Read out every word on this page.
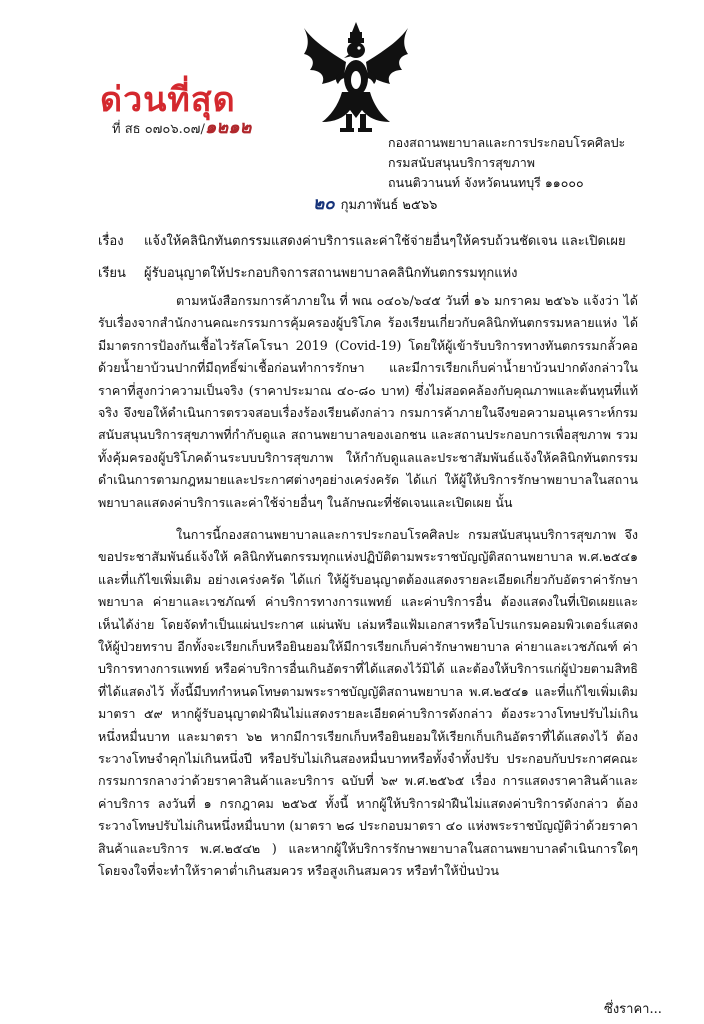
ด่วนที่สุด
ที่ สธ ๐๗๐๖.๐๗/๑๒๑๒
กองสถานพยาบาลและการประกอบโรคศิลปะ
กรมสนับสนุนบริการสุขภาพ
ถนนติวานนท์ จังหวัดนนทบุรี ๑๑๐๐๐
๒๐ กุมภาพันธ์ ๒๕๖๖
เรื่อง แจ้งให้คลินิกทันตกรรมแสดงค่าบริการและค่าใช้จ่ายอื่นๆให้ครบถ้วนชัดเจน และเปิดเผย
เรียน ผู้รับอนุญาตให้ประกอบกิจการสถานพยาบาลคลินิกทันตกรรมทุกแห่ง
ตามหนังสือกรมการค้าภายใน ที่ พณ ๐๔๐๖/๖๔๕ วันที่ ๑๖ มกราคม ๒๕๖๖ แจ้งว่า ได้รับเรื่องจากสำนักงานคณะกรรมการคุ้มครองผู้บริโภค ร้องเรียนเกี่ยวกับคลินิกทันตกรรมหลายแห่ง ได้มีมาตรการป้องกันเชื้อไวรัสโคโรนา 2019 (Covid-19) โดยให้ผู้เข้ารับบริการทางทันตกรรมกลั้วคอด้วยน้ำยาบ้วนปากที่มีฤทธิ์ฆ่าเชื้อก่อนทำการรักษา และมีการเรียกเก็บค่าน้ำยาบ้วนปากดังกล่าวในราคาที่สูงกว่าความเป็นจริง (ราคาประมาณ ๔๐-๘๐ บาท) ซึ่งไม่สอดคล้องกับคุณภาพและต้นทุนที่แท้จริง จึงขอให้ดำเนินการตรวจสอบเรื่องร้องเรียนดังกล่าว กรมการค้าภายในจึงขอความอนุเคราะห์กรมสนับสนุนบริการสุขภาพที่กำกับดูแล สถานพยาบาลของเอกชน และสถานประกอบการเพื่อสุขภาพ รวมทั้งคุ้มครองผู้บริโภคด้านระบบบริการสุขภาพ ให้กำกับดูแลและประชาสัมพันธ์แจ้งให้คลินิกทันตกรรม ดำเนินการตามกฎหมายและประกาศต่างๆอย่างเคร่งครัด ได้แก่ ให้ผู้ให้บริการรักษาพยาบาลในสถานพยาบาลแสดงค่าบริการและค่าใช้จ่ายอื่นๆ ในลักษณะที่ชัดเจนและเปิดเผย นั้น
ในการนี้กองสถานพยาบาลและการประกอบโรคศิลปะ กรมสนับสนุนบริการสุขภาพ จึงขอประชาสัมพันธ์แจ้งให้ คลินิกทันตกรรมทุกแห่งปฏิบัติตามพระราชบัญญัติสถานพยาบาล พ.ศ.๒๕๔๑ และที่แก้ไขเพิ่มเติม อย่างเคร่งครัด ได้แก่ ให้ผู้รับอนุญาตต้องแสดงรายละเอียดเกี่ยวกับอัตราค่ารักษาพยาบาล ค่ายาและเวชภัณฑ์ ค่าบริการทางการแพทย์ และค่าบริการอื่น ต้องแสดงในที่เปิดเผยและเห็นได้ง่าย โดยจัดทำเป็นแผ่นประกาศ แผ่นพับ เล่มหรือแฟ้มเอกสารหรือโปรแกรมคอมพิวเตอร์แสดงให้ผู้ป่วยทราบ อีกทั้งจะเรียกเก็บหรือยินยอมให้มีการเรียกเก็บค่ารักษาพยาบาล ค่ายาและเวชภัณฑ์ ค่าบริการทางการแพทย์ หรือค่าบริการอื่นเกินอัตราที่ได้แสดงไว้มิได้ และต้องให้บริการแก่ผู้ป่วยตามสิทธิที่ได้แสดงไว้ ทั้งนี้มีบทกำหนดโทษตามพระราชบัญญัติสถานพยาบาล พ.ศ.๒๕๔๑ และที่แก้ไขเพิ่มเติม มาตรา ๕๙ หากผู้รับอนุญาตฝ่าฝืนไม่แสดงรายละเอียดค่าบริการดังกล่าว ต้องระวางโทษปรับไม่เกินหนึ่งหมื่นบาท และมาตรา ๖๒ หากมีการเรียกเก็บหรือยินยอมให้เรียกเก็บเกินอัตราที่ได้แสดงไว้ ต้องระวางโทษจำคุกไม่เกินหนึ่งปี หรือปรับไม่เกินสองหมื่นบาทหรือทั้งจำทั้งปรับ ประกอบกับประกาศคณะกรรมการกลางว่าด้วยราคาสินค้าและบริการ ฉบับที่ ๖๙ พ.ศ.๒๕๖๕ เรื่อง การแสดงราคาสินค้าและค่าบริการ ลงวันที่ ๑ กรกฎาคม ๒๕๖๕ ทั้งนี้ หากผู้ให้บริการฝ่าฝืนไม่แสดงค่าบริการดังกล่าว ต้องระวางโทษปรับไม่เกินหนึ่งหมื่นบาท (มาตรา ๒๘ ประกอบมาตรา ๔๐ แห่งพระราชบัญญัติว่าด้วยราคาสินค้าและบริการ พ.ศ.๒๕๔๒ ) และหากผู้ให้บริการรักษาพยาบาลในสถานพยาบาลดำเนินการใดๆ โดยจงใจที่จะทำให้ราคาต่ำเกินสมควร หรือสูงเกินสมควร หรือทำให้ปั่นป่วน
ซึ่งราคา...
